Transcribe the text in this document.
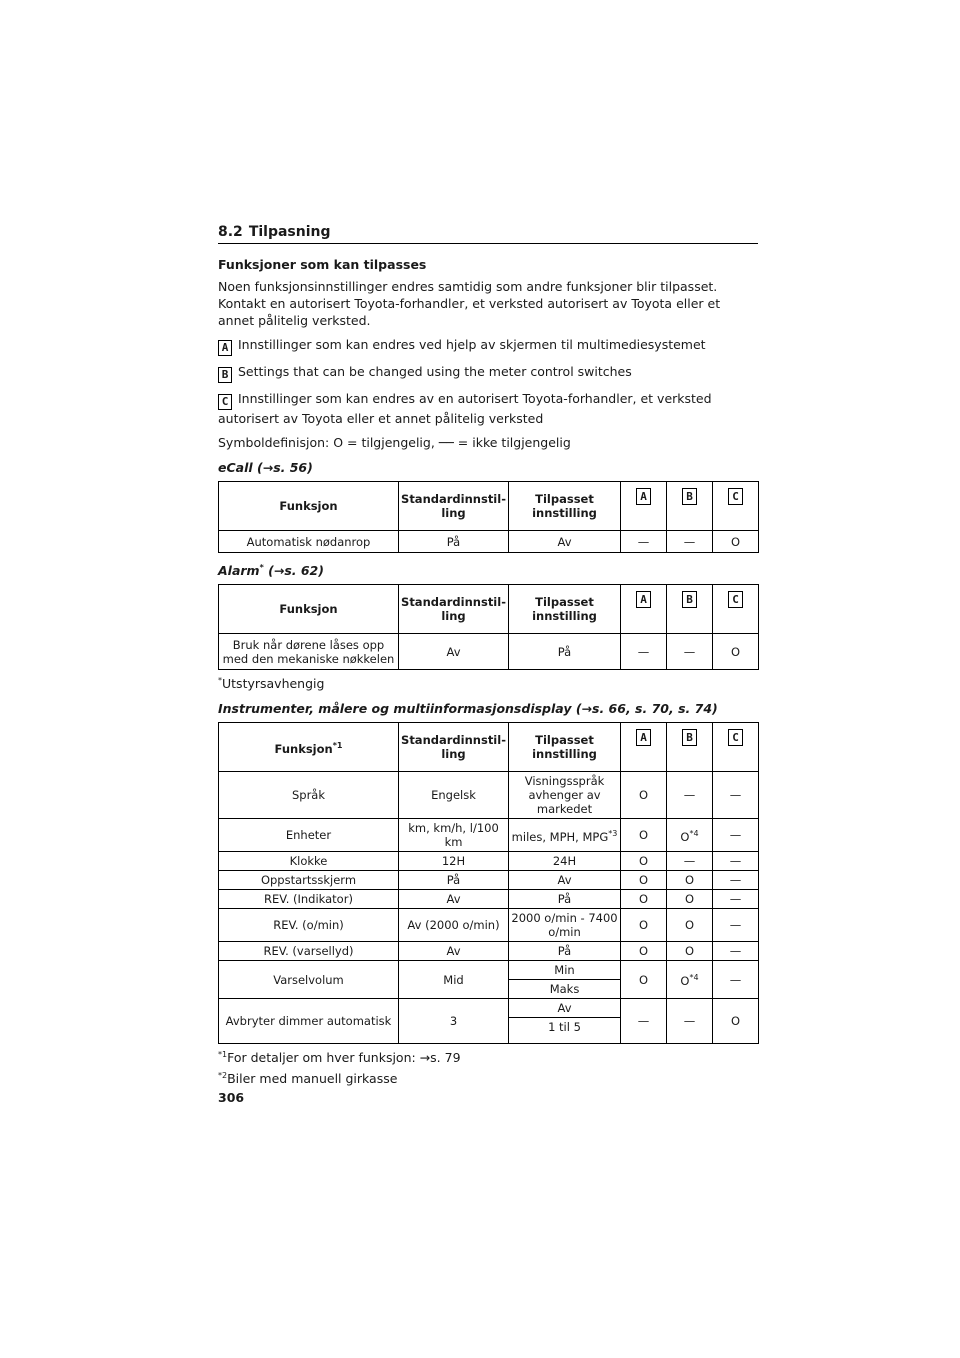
8.2 Tilpasning
Funksjoner som kan tilpasses

Noen funksjonsinnstillinger endres samtidig som andre funksjoner blir tilpasset. Kontakt en autorisert Toyota-forhandler, et verksted autorisert av Toyota eller et annet pålitelig verksted.

A Innstillinger som kan endres ved hjelp av skjermen til multimediesystemet
B Settings that can be changed using the meter control switches
C Innstillinger som kan endres av en autorisert Toyota-forhandler, et verksted autorisert av Toyota eller et annet pålitelig verksted
Symboldefinisjon: O = tilgjengelig, ── = ikke tilgjengelig
eCall (→s. 56)
Funksjon	Standardinnstil- ling	Tilpasset innstilling	A	B	C
Automatisk nødanrop	På	Av	—	—	O
Alarm* (→s. 62)
Funksjon	Standardinnstil- ling	Tilpasset innstilling	A	B	C
Bruk når dørene låses opp med den mekaniske nøkkelen	Av	På	—	—	O
*Utstyrsavhengig
Instrumenter, målere og multiinformasjonsdisplay (→s. 66, s. 70, s. 74)
Funksjon$^{*1}$	Standardinnstil- ling	Tilpasset innstilling	A	B	C
Språk	Engelsk	Visningsspråk avhenger av markedet	O	—	—
Enheter	km, km/h, l/100 km	miles, MPH, MPG$^{*3}$	O	$O^{*4}$	—
Klokke	12H	24H	O	—	—
Oppstartsskjerm	På	Av	O	O	—
REV. (Indikator)	Av	På	O	O	—
REV. (o/min)	Av (2000 o/min)	2000 o/min - 7400 o/min	O	O	—
REV. (varsellyd)	Av	På	O	O	—
Varselvolum	Mid	Min	O	$O^{*4}$	—
		Maks			
Avbryter dimmer automatisk	3	Av	—	—	O
		1 til 5			
$^{*1}$For detaljer om hver funksjon: →s. 79
$^{*2}$Biler med manuell girkasse
306
